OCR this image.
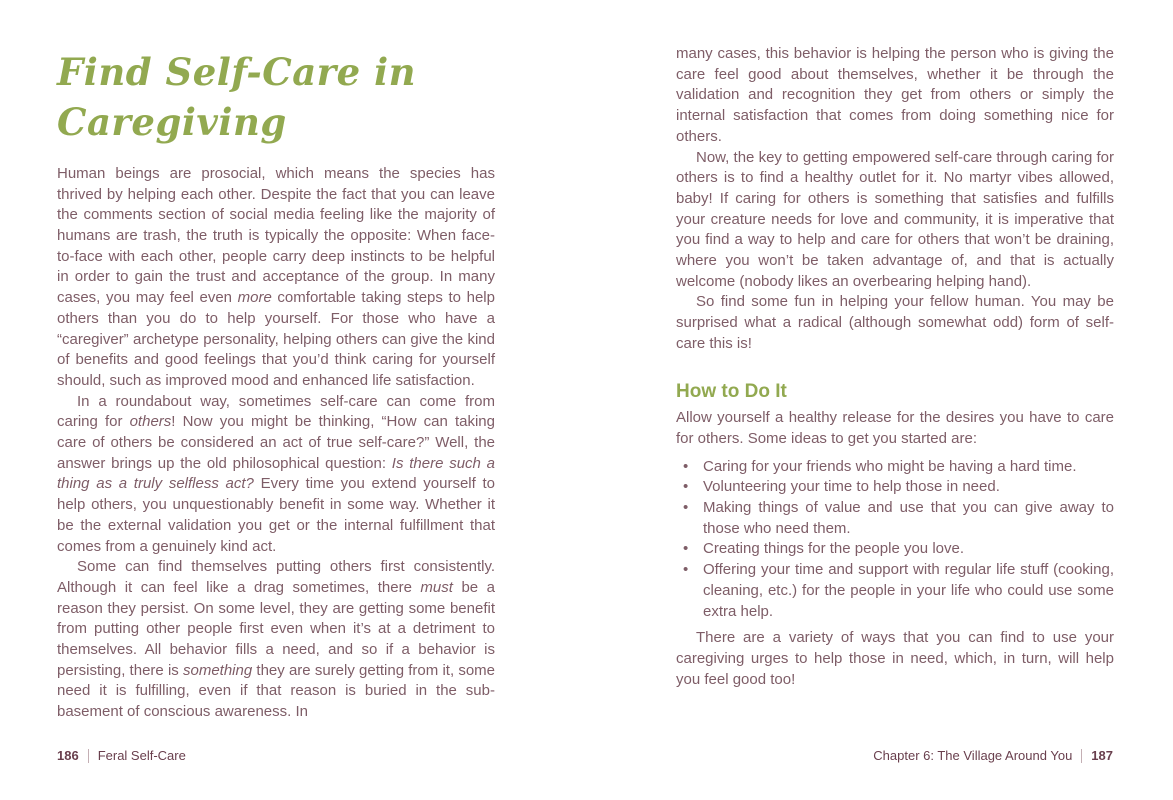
Find Self-Care in
Caregiving

Human beings are prosocial, which means the species has thrived by helping each other. Despite the fact that you can leave the comments section of social media feeling like the majority of humans are trash, the truth is typically the opposite: When face-to-face with each other, people carry deep instincts to be helpful in order to gain the trust and acceptance of the group. In many cases, you may feel even more comfortable taking steps to help others than you do to help yourself. For those who have a “caregiver” archetype personality, helping others can give the kind of benefits and good feelings that you’d think caring for yourself should, such as improved mood and enhanced life satisfaction.

In a roundabout way, sometimes self-care can come from caring for others! Now you might be thinking, “How can taking care of others be considered an act of true self-care?” Well, the answer brings up the old philosophical question: Is there such a thing as a truly selfless act? Every time you extend yourself to help others, you unquestionably benefit in some way. Whether it be the external validation you get or the internal fulfillment that comes from a genuinely kind act.

Some can find themselves putting others first consistently. Although it can feel like a drag sometimes, there must be a reason they persist. On some level, they are getting some benefit from putting other people first even when it’s at a detriment to themselves. All behavior fills a need, and so if a behavior is persisting, there is something they are surely getting from it, some need it is fulfilling, even if that reason is buried in the sub-basement of conscious awareness. In

many cases, this behavior is helping the person who is giving the care feel good about themselves, whether it be through the validation and recognition they get from others or simply the internal satisfaction that comes from doing something nice for others.

Now, the key to getting empowered self-care through caring for others is to find a healthy outlet for it. No martyr vibes allowed, baby! If caring for others is something that satisfies and fulfills your creature needs for love and community, it is imperative that you find a way to help and care for others that won’t be draining, where you won’t be taken advantage of, and that is actually welcome (nobody likes an overbearing helping hand).

So find some fun in helping your fellow human. You may be surprised what a radical (although somewhat odd) form of self-care this is!

How to Do It

Allow yourself a healthy release for the desires you have to care for others. Some ideas to get you started are:

• Caring for your friends who might be having a hard time.
• Volunteering your time to help those in need.
• Making things of value and use that you can give away to those who need them.
• Creating things for the people you love.
• Offering your time and support with regular life stuff (cooking, cleaning, etc.) for the people in your life who could use some extra help.

There are a variety of ways that you can find to use your caregiving urges to help those in need, which, in turn, will help you feel good too!

186 Feral Self-Care	Chapter 6: The Village Around You 187
